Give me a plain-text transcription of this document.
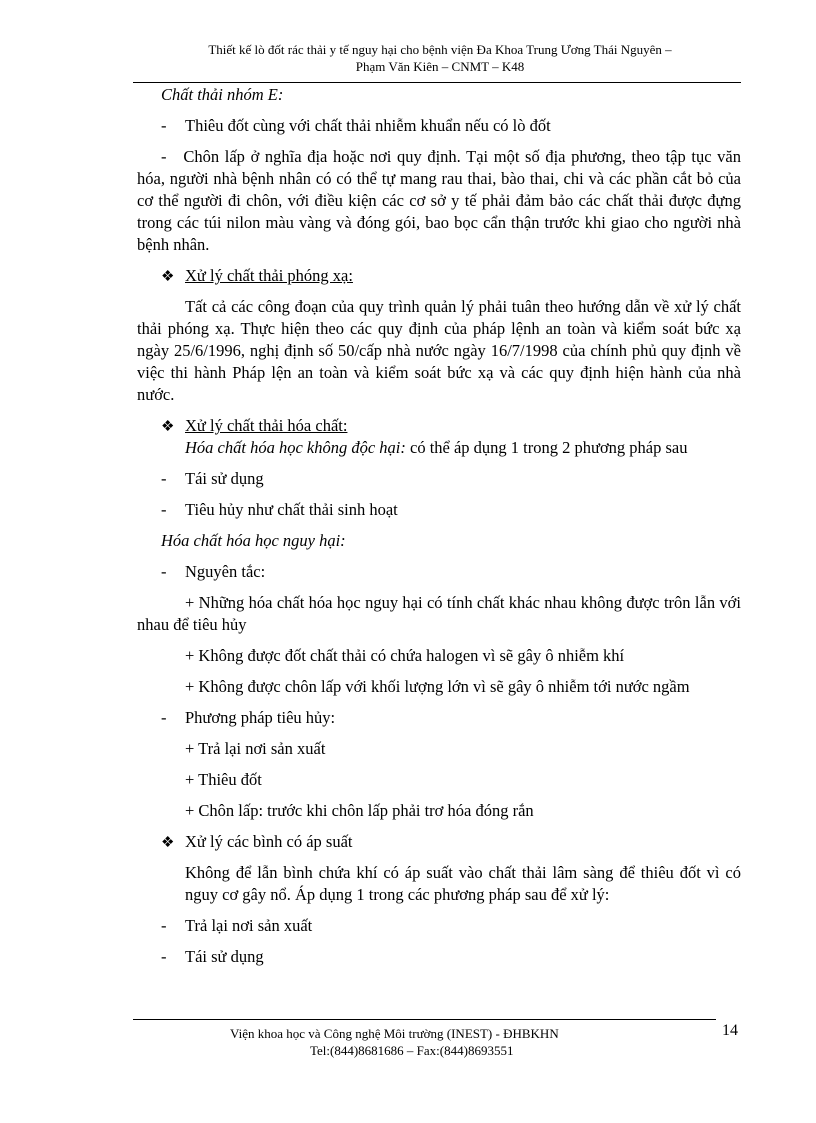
Thiết kế lò đốt rác thải y tế nguy hại cho bệnh viện Đa Khoa Trung Ương Thái Nguyên –
Phạm Văn Kiên – CNMT – K48

Chất thải nhóm E:

- Thiêu đốt cùng với chất thải nhiễm khuẩn nếu có lò đốt

-   Chôn lấp ở nghĩa địa hoặc nơi quy định. Tại một số địa phương, theo tập tục văn hóa, người nhà bệnh nhân có có thể tự mang rau thai, bào thai, chi và các phần cắt bỏ của cơ thể người đi chôn, với điều kiện các cơ sở y tế phải đảm bảo các chất thải được đựng trong các túi nilon màu vàng và đóng gói, bao bọc cẩn thận trước khi giao cho người nhà bệnh nhân.

❖ Xử lý chất thải phóng xạ:

Tất cả các công đoạn của quy trình quản lý phải tuân theo hướng dẫn về xử lý chất thải phóng xạ. Thực hiện theo các quy định của pháp lệnh an toàn và kiểm soát bức xạ ngày 25/6/1996, nghị định số 50/cấp nhà nước ngày 16/7/1998 của chính phủ quy định về việc thi hành Pháp lện an toàn và kiểm soát bức xạ và các quy định hiện hành của nhà nước.

❖ Xử lý chất thải hóa chất:

Hóa chất hóa học không độc hại: có thể áp dụng 1 trong 2 phương pháp sau

- Tái sử dụng

- Tiêu hủy như chất thải sinh hoạt

Hóa chất hóa học nguy hại:

- Nguyên tắc:

+ Những hóa chất hóa học nguy hại có tính chất khác nhau không được trôn lẫn với nhau để tiêu hủy

+ Không được đốt chất thải có chứa halogen vì sẽ gây ô nhiễm khí

+ Không được chôn lấp với khối lượng lớn vì sẽ gây ô nhiễm tới nước ngầm

- Phương pháp tiêu hủy:

+ Trả lại nơi sản xuất

+ Thiêu đốt

+ Chôn lấp: trước khi chôn lấp phải trơ hóa đóng rắn

❖ Xử lý các bình có áp suất

Không để lẫn bình chứa khí có áp suất vào chất thải lâm sàng để thiêu đốt vì có nguy cơ gây nổ. Áp dụng 1 trong các phương pháp sau để xử lý:

- Trả lại nơi sản xuất

- Tái sử dụng

Viện khoa học và Công nghệ Môi trường (INEST) - ĐHBKHN
Tel:(844)8681686 – Fax:(844)8693551
14
